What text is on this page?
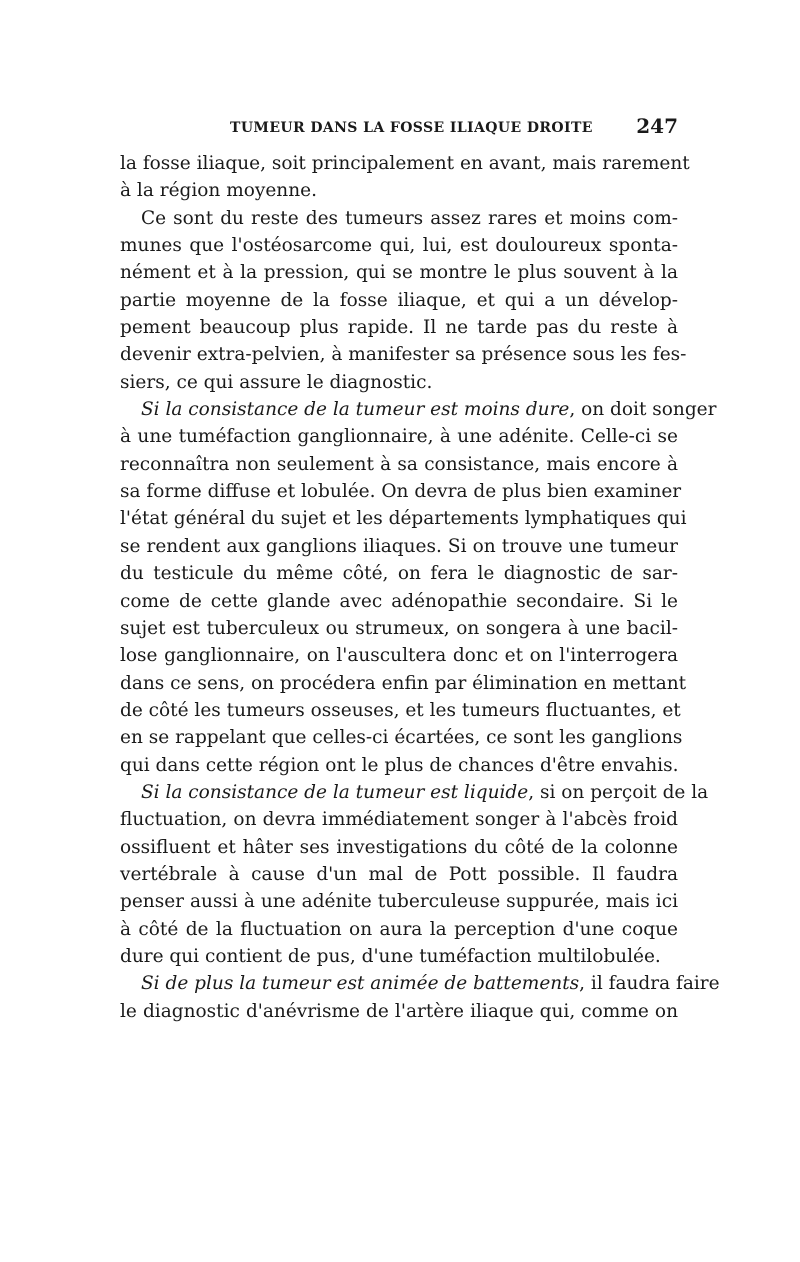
TUMEUR DANS LA FOSSE ILIAQUE DROITE 247
la fosse iliaque, soit principalement en avant, mais rarement
à la région moyenne.
Ce sont du reste des tumeurs assez rares et moins com-
munes que l'ostéosarcome qui, lui, est douloureux sponta-
nément et à la pression, qui se montre le plus souvent à la
partie moyenne de la fosse iliaque, et qui a un dévelop-
pement beaucoup plus rapide. Il ne tarde pas du reste à
devenir extra-pelvien, à manifester sa présence sous les fes-
siers, ce qui assure le diagnostic.
Si la consistance de la tumeur est moins dure, on doit songer
à une tuméfaction ganglionnaire, à une adénite. Celle-ci se
reconnaîtra non seulement à sa consistance, mais encore à
sa forme diffuse et lobulée. On devra de plus bien examiner
l'état général du sujet et les départements lymphatiques qui
se rendent aux ganglions iliaques. Si on trouve une tumeur
du testicule du même côté, on fera le diagnostic de sar-
come de cette glande avec adénopathie secondaire. Si le
sujet est tuberculeux ou strumeux, on songera à une bacil-
lose ganglionnaire, on l'auscultera donc et on l'interrogera
dans ce sens, on procédera enfin par élimination en mettant
de côté les tumeurs osseuses, et les tumeurs fluctuantes, et
en se rappelant que celles-ci écartées, ce sont les ganglions
qui dans cette région ont le plus de chances d'être envahis.
Si la consistance de la tumeur est liquide, si on perçoit de la
fluctuation, on devra immédiatement songer à l'abcès froid
ossifluent et hâter ses investigations du côté de la colonne
vertébrale à cause d'un mal de Pott possible. Il faudra
penser aussi à une adénite tuberculeuse suppurée, mais ici
à côté de la fluctuation on aura la perception d'une coque
dure qui contient de pus, d'une tuméfaction multilobulée.
Si de plus la tumeur est animée de battements, il faudra faire
le diagnostic d'anévrisme de l'artère iliaque qui, comme on
